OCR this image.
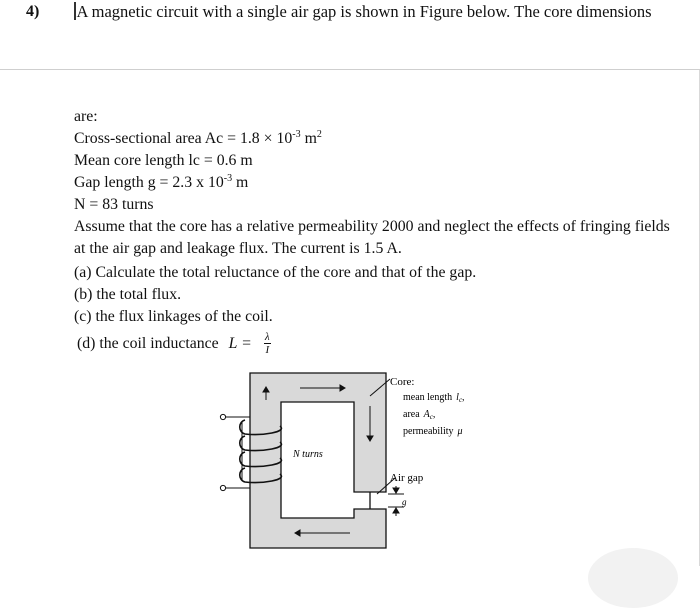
4) A magnetic circuit with a single air gap is shown in Figure below. The core dimensions
are:
Cross-sectional area $Ac = 1.8 \times 10^{-3}$ $m^2$
Mean core length lc = 0.6 m
Gap length g = 2.3 x $10^{-3}$ m
N = 83 turns
Assume that the core has a relative permeability 2000 and neglect the effects of fringing fields at the air gap and leakage flux. The current is 1.5 A.
(a) Calculate the total reluctance of the core and that of the gap.
(b) the total flux.
(c) the flux linkages of the coil.
(d) the coil inductance $L = \frac{\lambda}{I}$
Core:
mean length $l_c$,
area $A_c$,
permeability μ
N turns
Air gap
g
